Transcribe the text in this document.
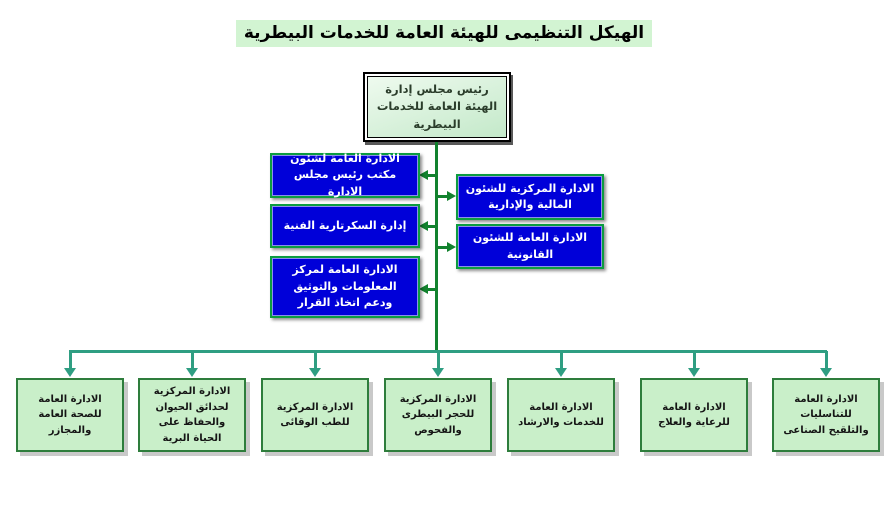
الهيكل التنظيمى للهيئة العامة للخدمات البيطرية
رئيس مجلس إدارة الهيئة العامة للخدمات البيطرية
الادارة العامة لشئون مكتب رئيس مجلس الادارة
إدارة السكرتارية الفنية
الادارة العامة لمركز المعلومات والتوثيق ودعم اتخاذ القرار
الادارة المركزية للشئون المالية والإدارية
الادارة العامة للشئون القانونية
الادارة العامة للصحة العامة والمجازر
الادارة المركزية لحدائق الحيوان والحفاظ على الحياة البرية
الادارة المركزية للطب الوقائى
الادارة المركزية للحجر البيطرى والفحوص
الادارة العامة للخدمات والارشاد
الادارة العامة للرعاية والعلاج
الادارة العامة للتناسليات والتلقيح الصناعى
